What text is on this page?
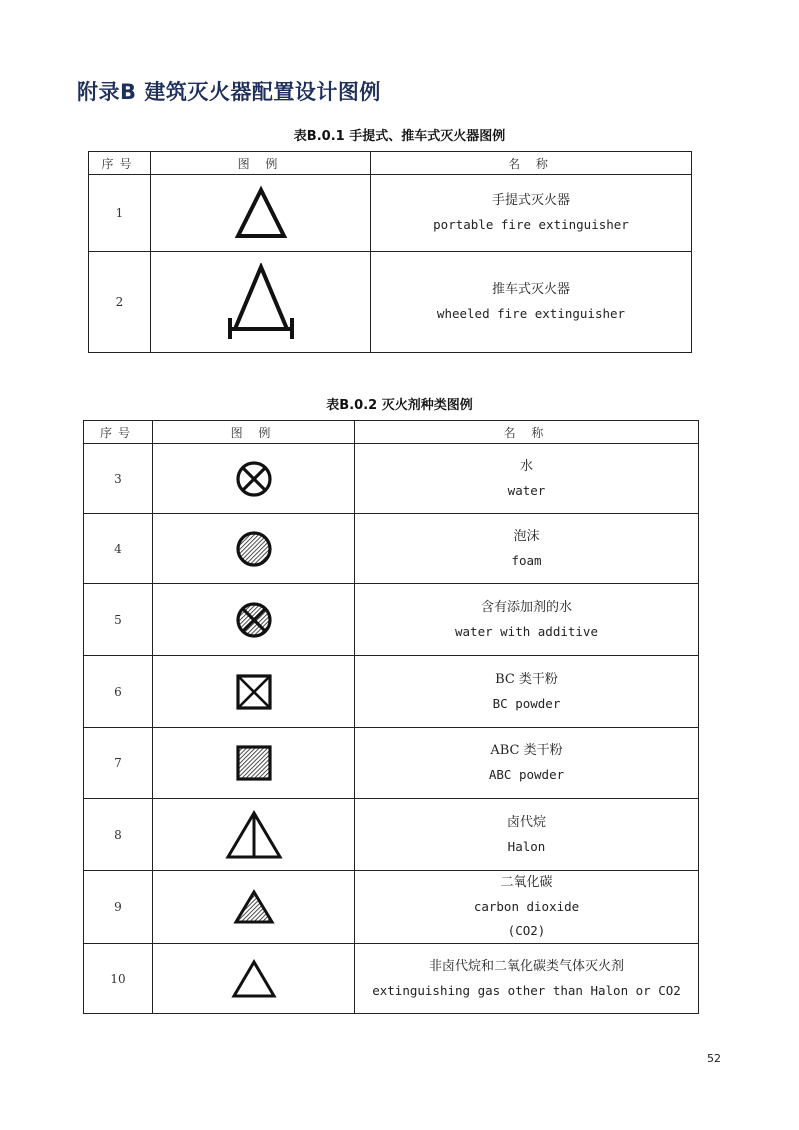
附录B 建筑灭火器配置设计图例
表B.0.1 手提式、推车式灭火器图例
序号	图 例	名 称
1		手提式灭火器
portable fire extinguisher

2		推车式灭火器
wheeled fire extinguisher
表B.0.2 灭火剂种类图例
序号	图 例	名 称
3		水
water

4		泡沫
foam

5		含有添加剂的水
water with additive

6		BC 类干粉
BC powder

7		ABC 类干粉
ABC powder

8		卤代烷
Halon

9		二氧化碳
carbon dioxide
(CO2)

10		非卤代烷和二氧化碳类气体灭火剂
extinguishing gas other than Halon or CO2
52
